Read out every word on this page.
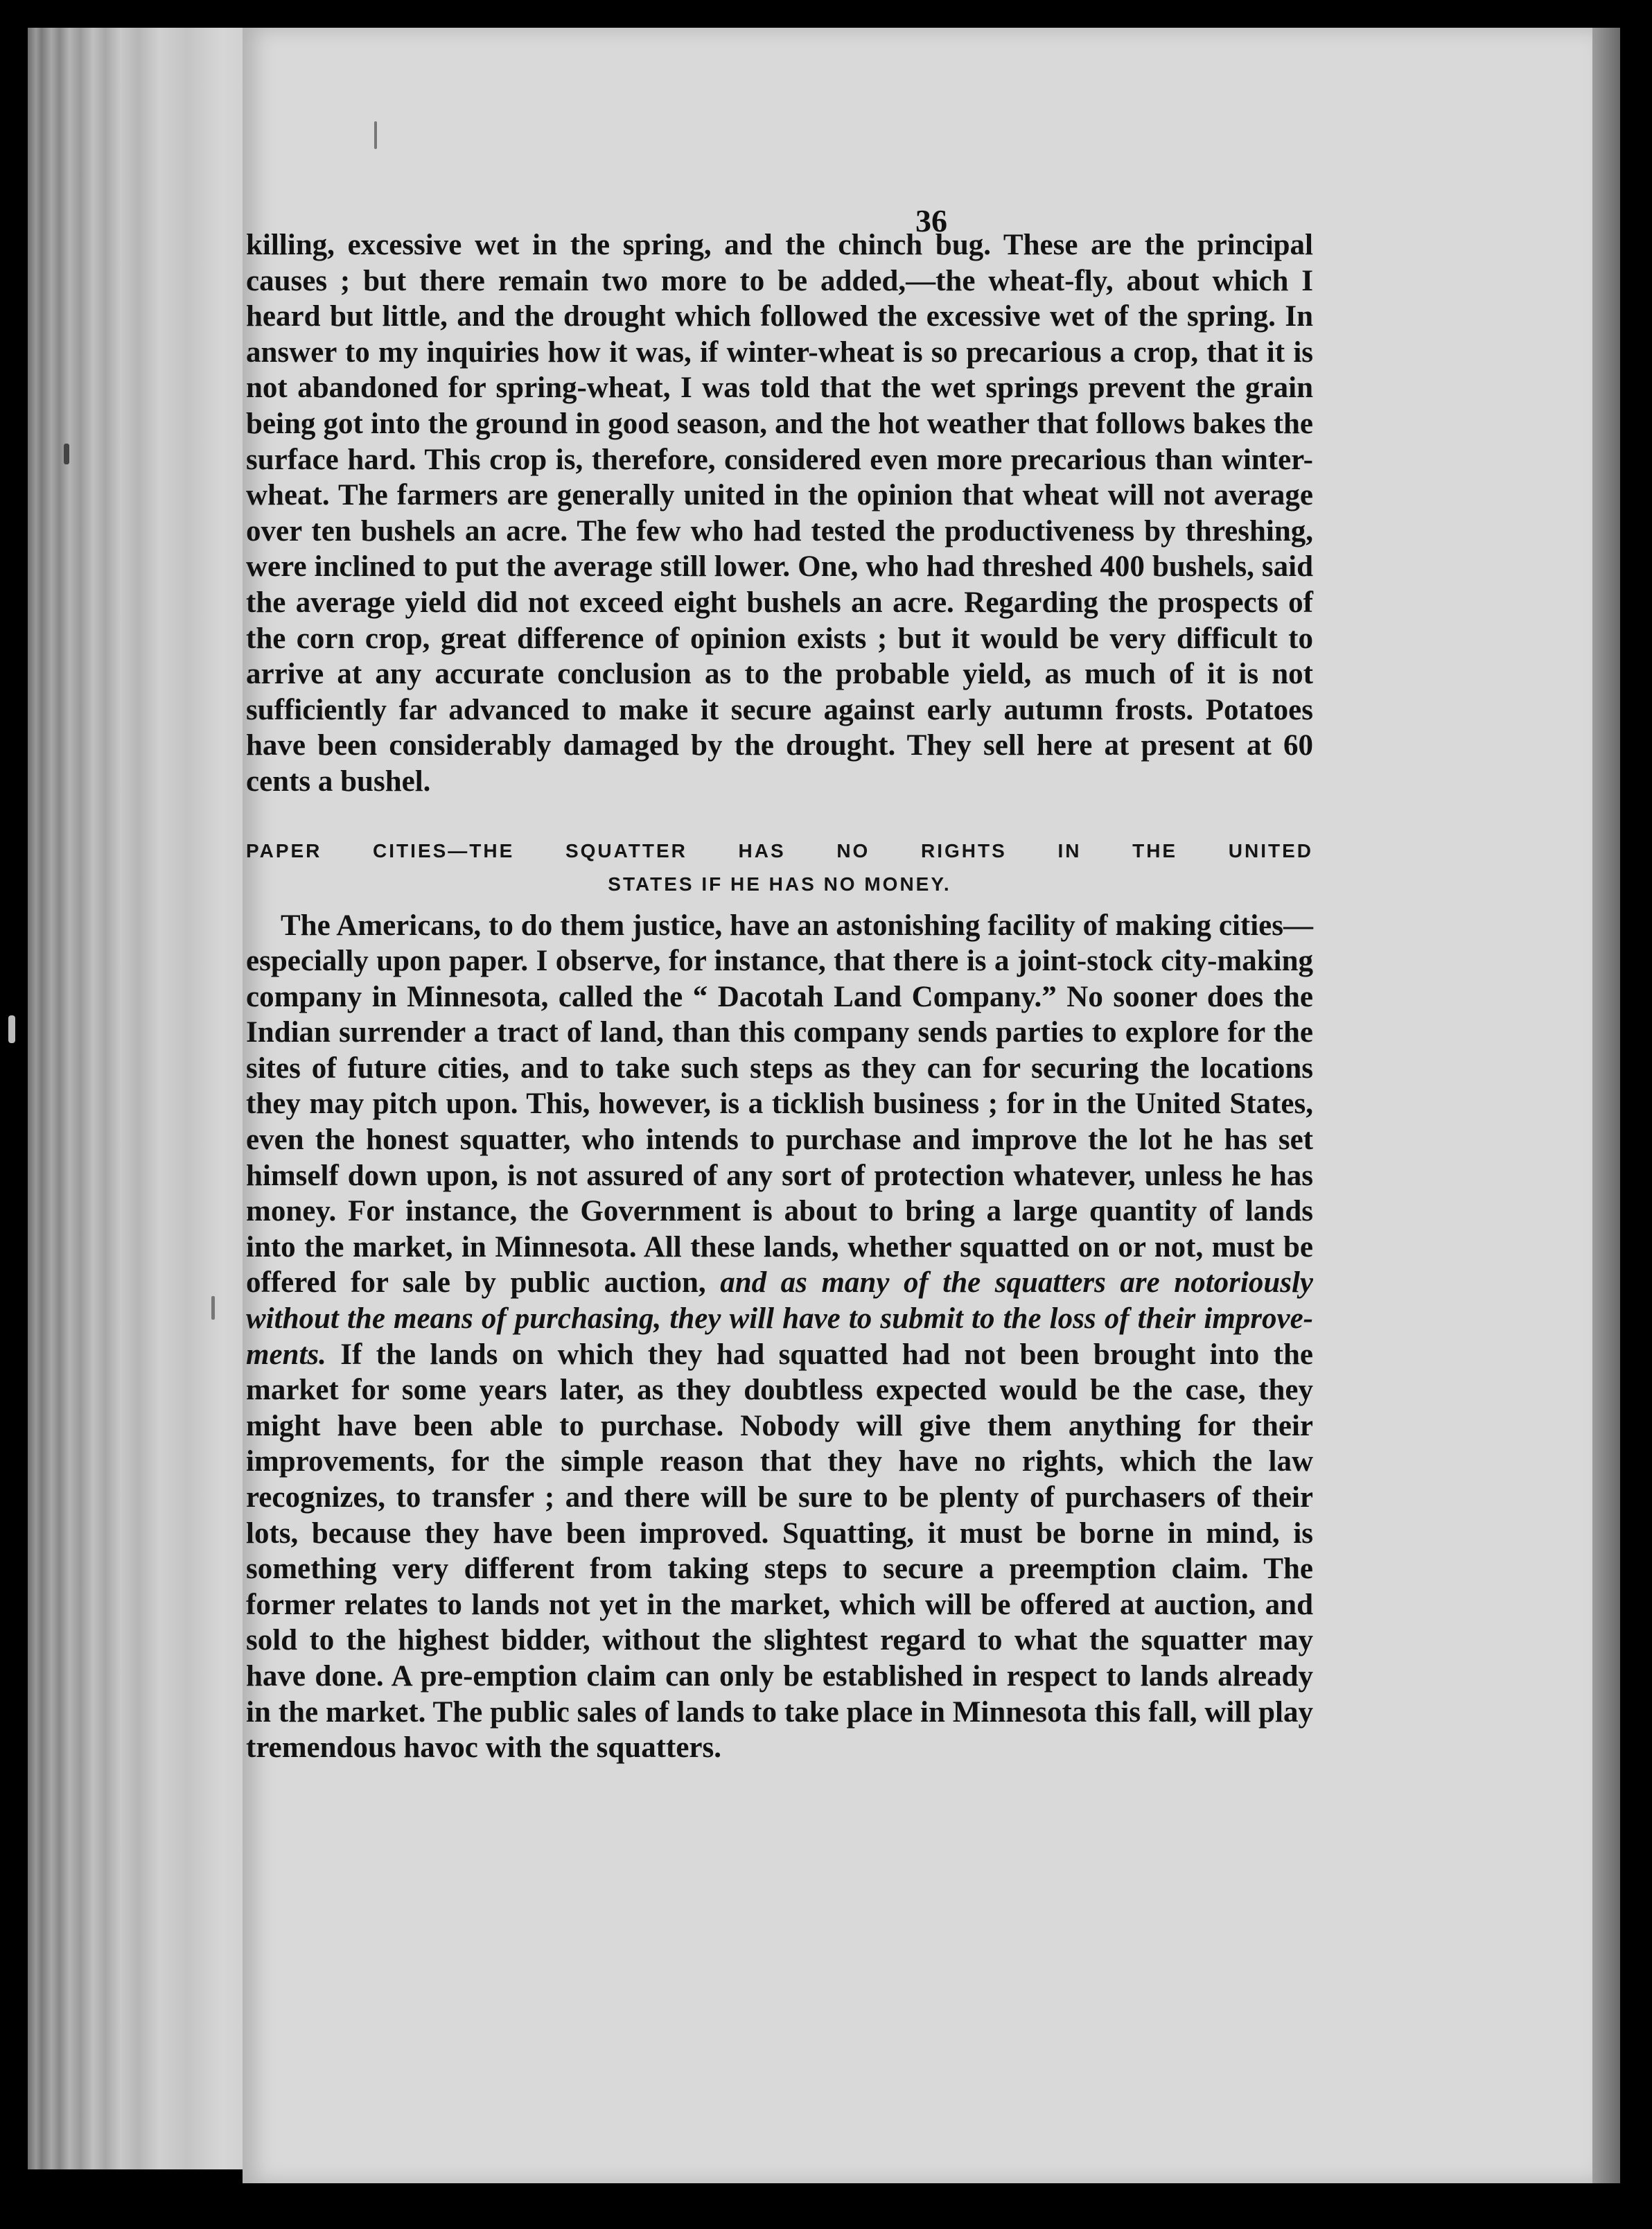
36

killing, excessive wet in the spring, and the chinch bug. These are the principal causes ; but there remain two more to be added,—the wheat-fly, about which I heard but little, and the drought which followed the excessive wet of the spring. In answer to my inquiries how it was, if winter-wheat is so precarious a crop, that it is not abandoned for spring-wheat, I was told that the wet springs prevent the grain being got into the ground in good season, and the hot weather that follows bakes the surface hard. This crop is, therefore, considered even more precarious than winter-wheat. The farmers are generally united in the opinion that wheat will not average over ten bushels an acre. The few who had tested the productiveness by threshing, were inclined to put the average still lower. One, who had threshed 400 bushels, said the average yield did not exceed eight bushels an acre. Regarding the prospects of the corn crop, great difference of opinion exists ; but it would be very difficult to arrive at any accurate conclusion as to the probable yield, as much of it is not sufficiently far advanced to make it secure against early autumn frosts. Potatoes have been considerably damaged by the drought. They sell here at present at 60 cents a bushel.

PAPER CITIES—THE SQUATTER HAS NO RIGHTS IN THE UNITED
STATES IF HE HAS NO MONEY.

The Americans, to do them justice, have an astonishing facility of making cities—especially upon paper. I observe, for instance, that there is a joint-stock city-making company in Minnesota, called the “ Dacotah Land Company.” No sooner does the Indian surrender a tract of land, than this company sends parties to explore for the sites of future cities, and to take such steps as they can for securing the locations they may pitch upon. This, however, is a ticklish business ; for in the United States, even the honest squatter, who intends to purchase and improve the lot he has set himself down upon, is not assured of any sort of protection whatever, unless he has money. For instance, the Government is about to bring a large quantity of lands into the market, in Minnesota. All these lands, whether squatted on or not, must be offered for sale by public auction, and as many of the squatters are notoriously without the means of purchasing, they will have to submit to the loss of their improvements. If the lands on which they had squatted had not been brought into the market for some years later, as they doubtless expected would be the case, they might have been able to purchase. Nobody will give them anything for their improvements, for the simple reason that they have no rights, which the law recognizes, to transfer ; and there will be sure to be plenty of purchasers of their lots, because they have been improved. Squatting, it must be borne in mind, is something very different from taking steps to secure a preemption claim. The former relates to lands not yet in the market, which will be offered at auction, and sold to the highest bidder, without the slightest regard to what the squatter may have done. A pre-emption claim can only be established in respect to lands already in the market. The public sales of lands to take place in Minnesota this fall, will play tremendous havoc with the squatters.
